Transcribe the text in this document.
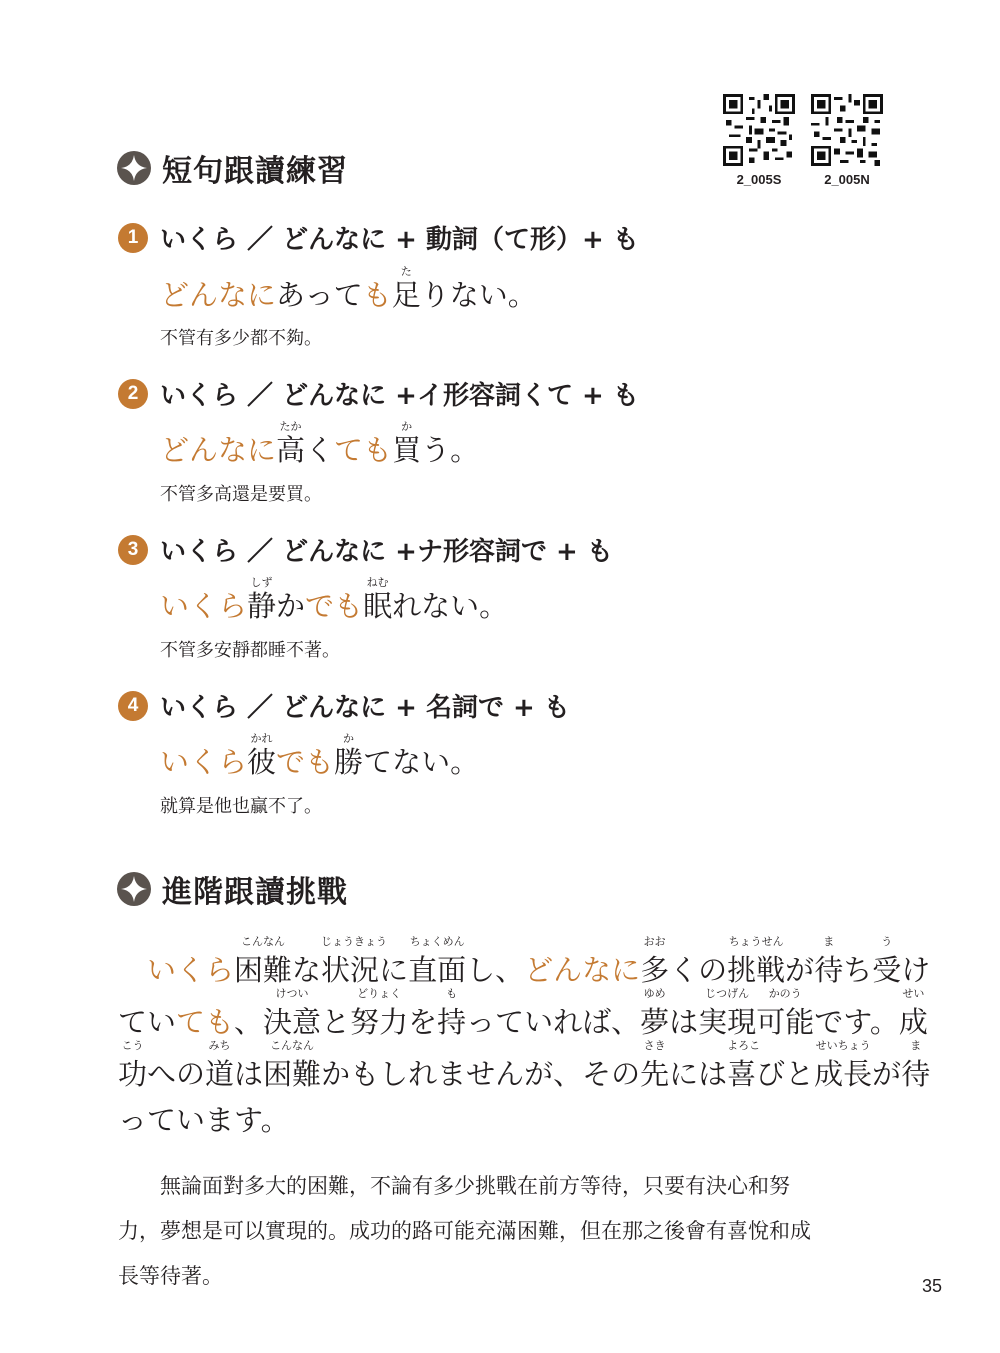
2_005S	2_005N
短句跟讀練習
1 いくら ／ どんなに + 動詞（て形）+ も
どんなにあっても足
た
りない。
不管有多少都不夠。
2 いくら ／ どんなに +イ形容詞くて + も
どんなに高
たか
くても買
か
う。
不管多高還是要買。
3 いくら ／ どんなに +ナ形容詞で + も
いくら静
しず
かでも眠
ねむ
れない。
不管多安靜都睡不著。
4 いくら ／ どんなに + 名詞で + も
いくら彼
かれ
でも勝
か
てない。
就算是他也贏不了。
進階跟讀挑戰
いくら困難
こんなん
な状況
じょうきょう
に直面
ちょくめん
し、どんなに多
おお
くの挑戦
ちょうせん
が待
ま
ち受
う
け
ていても、決意
けつい
と努力
どりょく
を持
も
っていれば、夢
ゆめ
は実現
じつげん
可能
かのう
です。成
せい
功
こう
への道
みち
は困難
こんなん
かもしれませんが、その先
さき
には喜
よろこ
びと成長
せいちょう
が待
ま
っています。
　　無論面對多大的困難，不論有多少挑戰在前方等待，只要有決心和努
力，夢想是可以實現的。成功的路可能充滿困難，但在那之後會有喜悅和成
長等待著。	35
